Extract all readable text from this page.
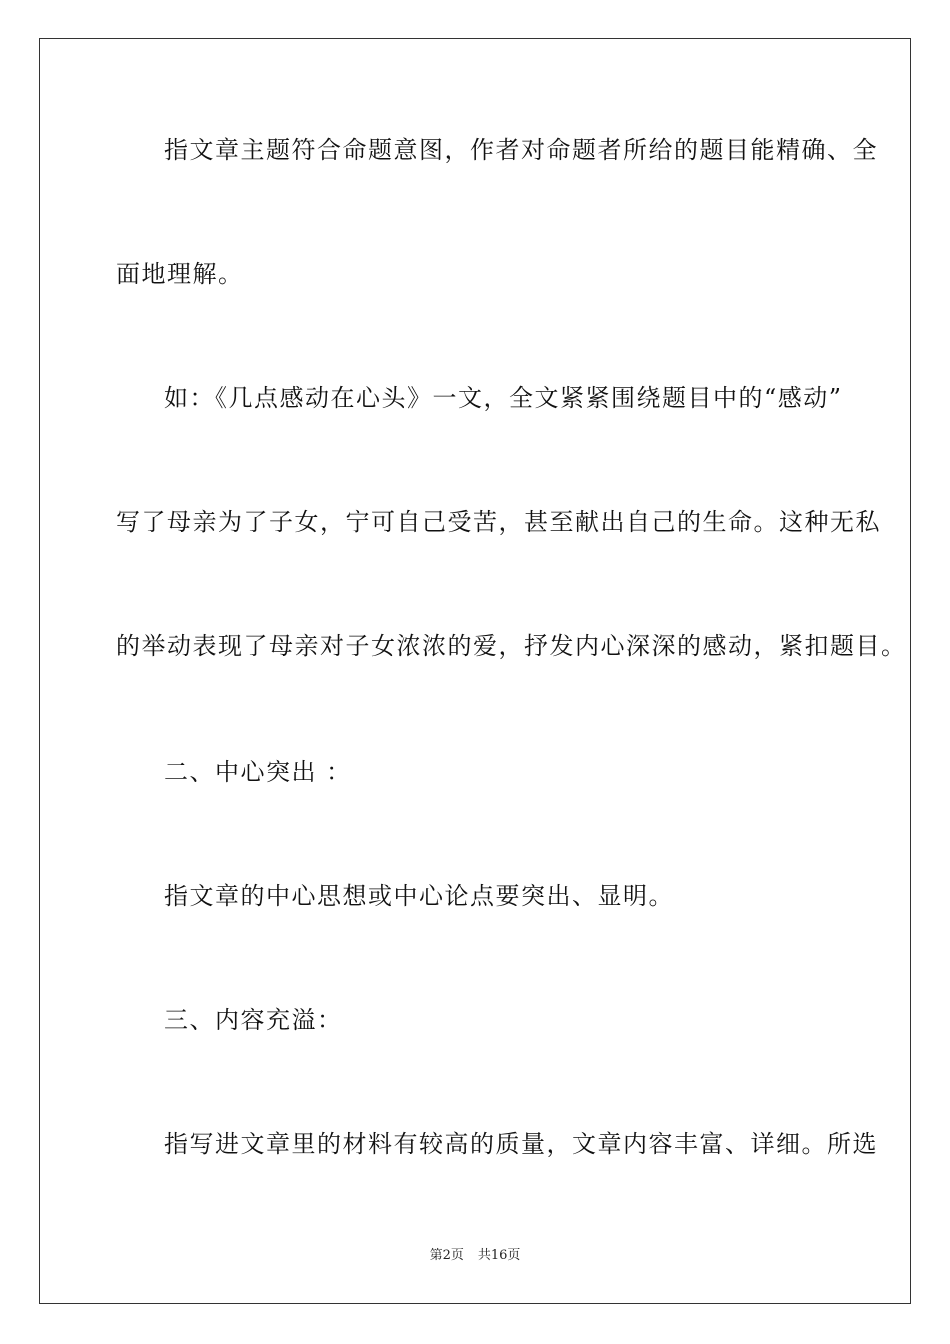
指文章主题符合命题意图，作者对命题者所给的题目能精确、全
面地理解。
如：《几点感动在心头》一文，全文紧紧围绕题目中的“感动”
写了母亲为了子女，宁可自己受苦，甚至献出自己的生命。这种无私
的举动表现了母亲对子女浓浓的爱，抒发内心深深的感动，紧扣题目。
二、中心突出 ：
指文章的中心思想或中心论点要突出、显明。
三、内容充溢：
指写进文章里的材料有较高的质量，文章内容丰富、详细。所选
第2页 共16页
